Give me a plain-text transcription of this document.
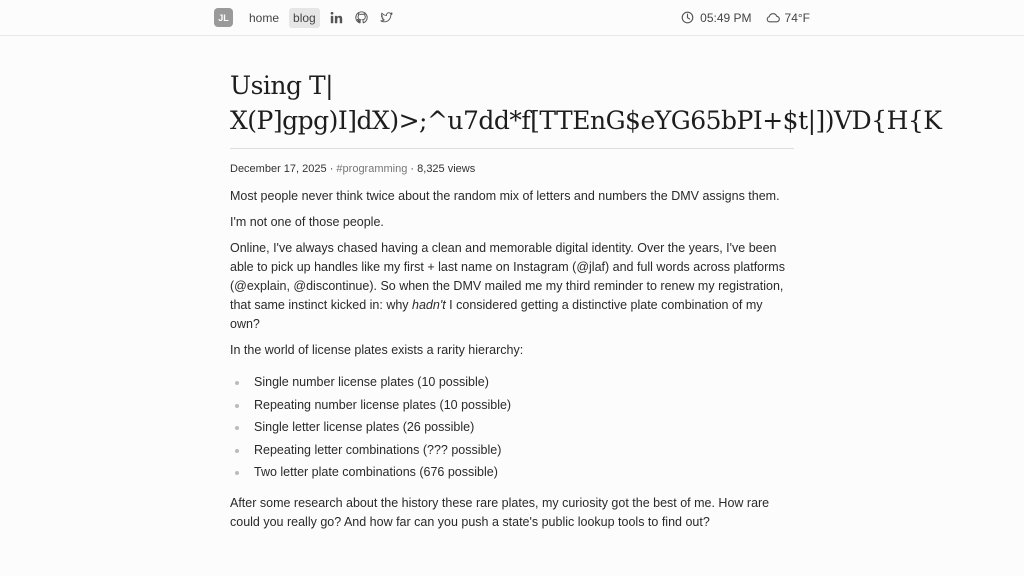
JL	home	blog	05:49 PM	74°F
Using T|
X(P]gpg)I]dX)>;^u7dd*f[TTEnG$eYG65bPI+$t|])VD{H{K
December 17, 2025 · #programming · 8,325 views

Most people never think twice about the random mix of letters and numbers the DMV assigns them.

I'm not one of those people.

Online, I've always chased having a clean and memorable digital identity. Over the years, I've been able to pick up handles like my first + last name on Instagram (@jlaf) and full words across platforms (@explain, @discontinue). So when the DMV mailed me my third reminder to renew my registration, that same instinct kicked in: why hadn't I considered getting a distinctive plate combination of my own?

In the world of license plates exists a rarity hierarchy:

Single number license plates (10 possible)
Repeating number license plates (10 possible)
Single letter license plates (26 possible)
Repeating letter combinations (??? possible)
Two letter plate combinations (676 possible)

After some research about the history these rare plates, my curiosity got the best of me. How rare could you really go? And how far can you push a state's public lookup tools to find out?
